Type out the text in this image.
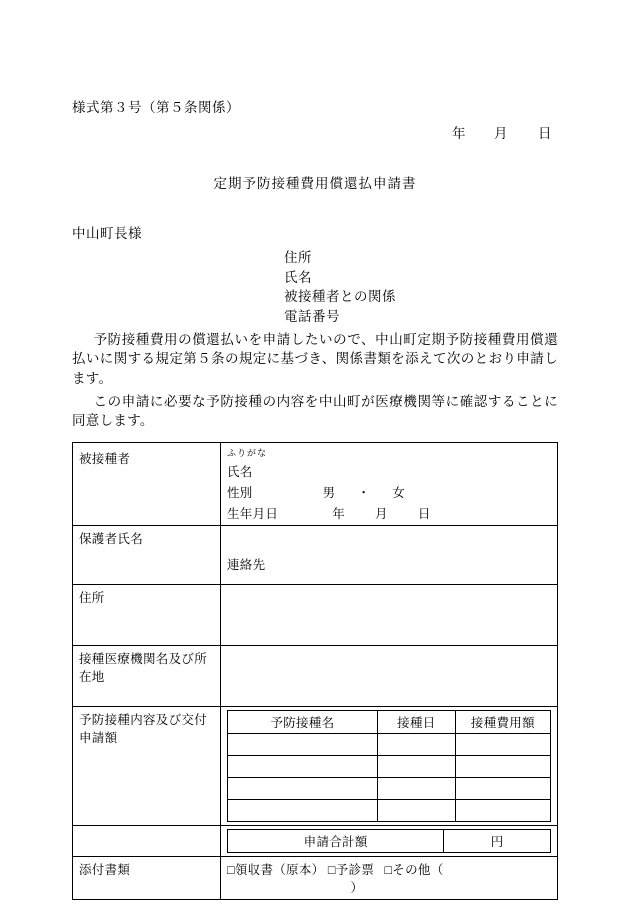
様式第３号（第５条関係）
年 月 日
定期予防接種費用償還払申請書
中山町長様
住所
氏名
被接種者との関係
電話番号

予防接種費用の償還払いを申請したいので、中山町定期予防接種費用償還払いに関する規定第５条の規定に基づき、関係書類を添えて次のとおり申請します。

この申請に必要な予防接種の内容を中山町が医療機関等に確認することに同意します。

被接種者	ふりがな
氏名
性別	男 ・ 女
生年月日	年 月 日

保護者氏名	
連絡先

住所	
接種医療機関名及び所在地	
予防接種内容及び交付申請額	
予防接種名	接種日	接種費用額

申請合計額	円

添付書類	□領収書（原本） □予診票 □その他（  ）
